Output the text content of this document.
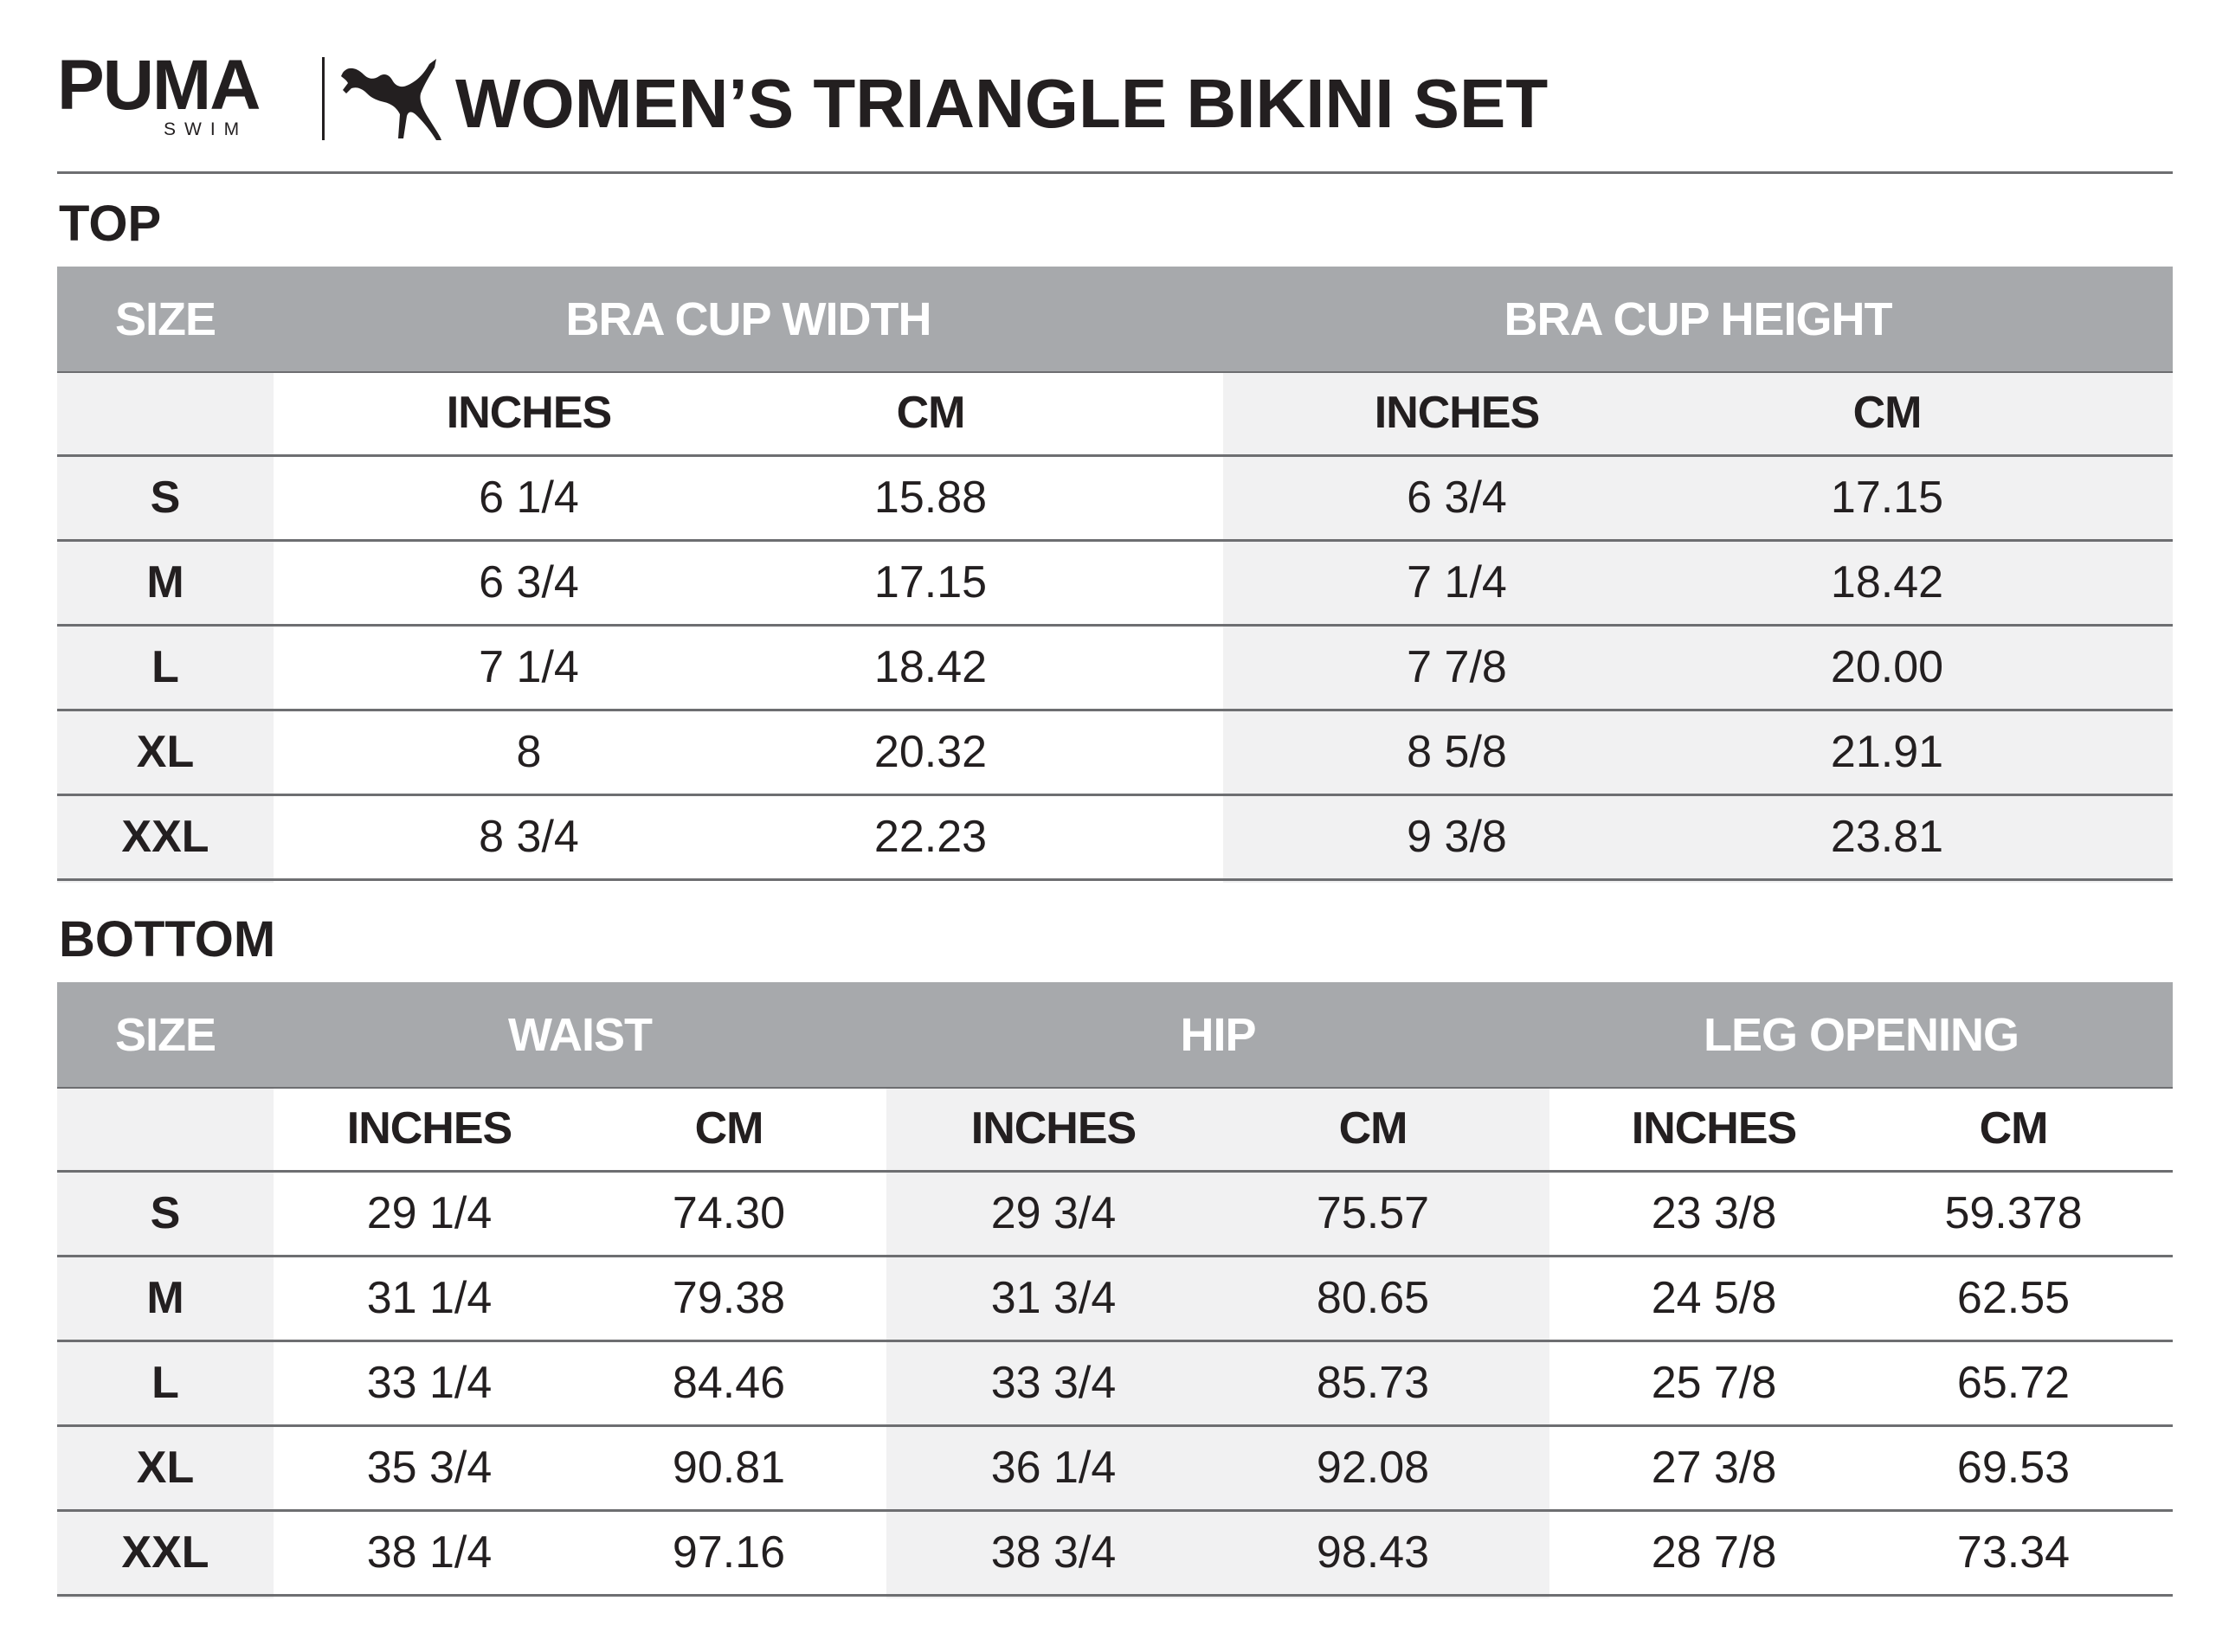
PUMA
SWIM	WOMEN’S TRIANGLE BIKINI SET
TOP
SIZE	BRA CUP WIDTH	BRA CUP HEIGHT
INCHES	CM	INCHES	CM
S	6 1/4	15.88	6 3/4	17.15
M	6 3/4	17.15	7 1/4	18.42
L	7 1/4	18.42	7 7/8	20.00
XL	8	20.32	8 5/8	21.91
XXL	8 3/4	22.23	9 3/8	23.81
BOTTOM
SIZE	WAIST	HIP	LEG OPENING
INCHES	CM	INCHES	CM	INCHES	CM
S	29 1/4	74.30	29 3/4	75.57	23 3/8	59.378
M	31 1/4	79.38	31 3/4	80.65	24 5/8	62.55
L	33 1/4	84.46	33 3/4	85.73	25 7/8	65.72
XL	35 3/4	90.81	36 1/4	92.08	27 3/8	69.53
XXL	38 1/4	97.16	38 3/4	98.43	28 7/8	73.34
